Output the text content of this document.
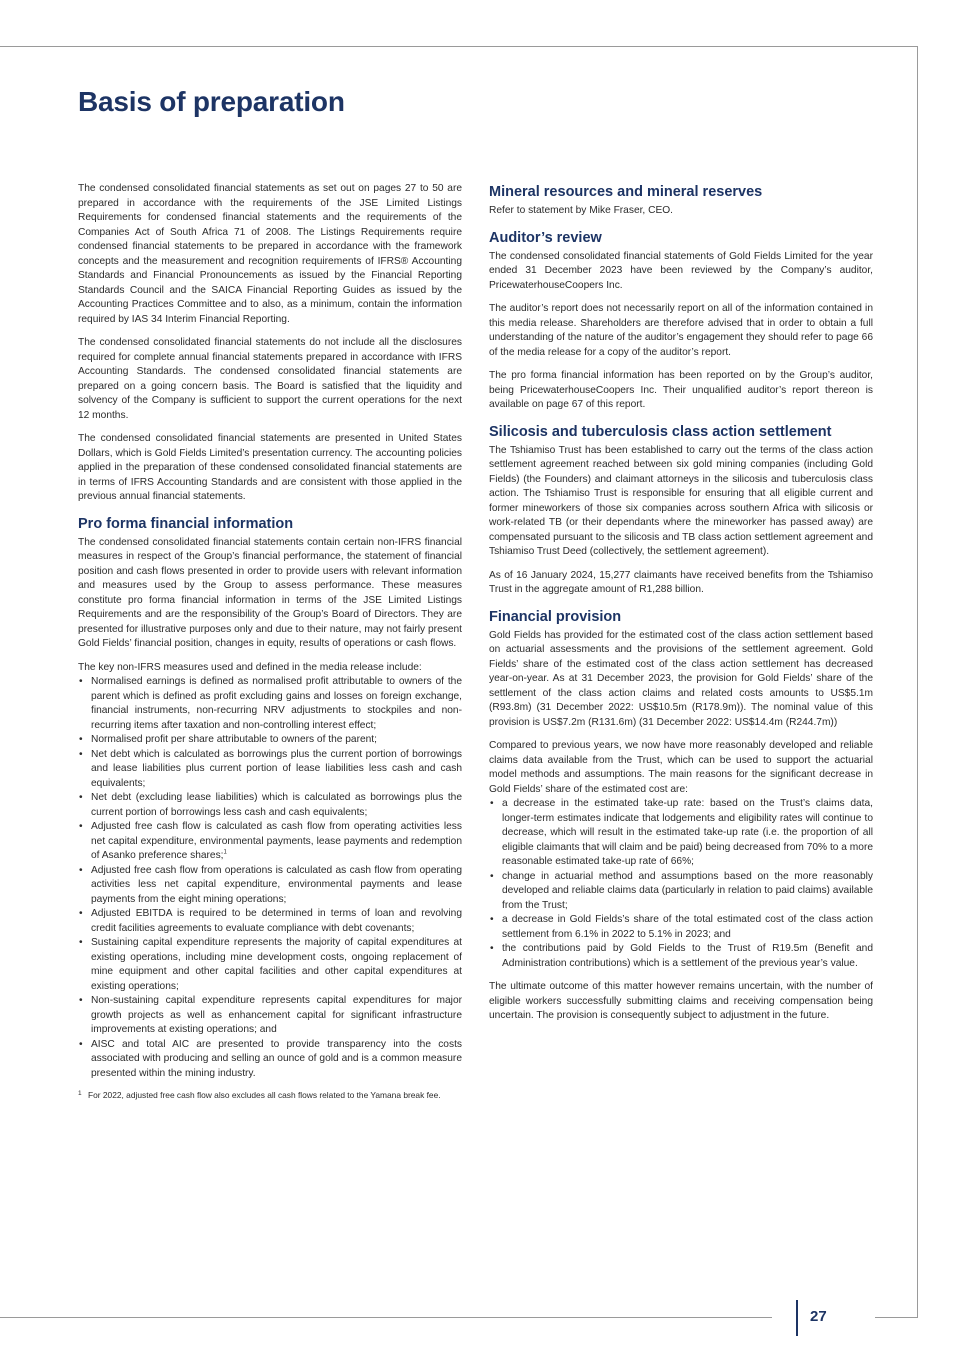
Basis of preparation

The condensed consolidated financial statements as set out on pages 27 to 50 are prepared in accordance with the requirements of the JSE Limited Listings Requirements for condensed financial statements and the requirements of the Companies Act of South Africa 71 of 2008. The Listings Requirements require condensed financial statements to be prepared in accordance with the framework concepts and the measurement and recognition requirements of IFRS® Accounting Standards and Financial Pronouncements as issued by the Financial Reporting Standards Council and the SAICA Financial Reporting Guides as issued by the Accounting Practices Committee and to also, as a minimum, contain the information required by IAS 34 Interim Financial Reporting.

The condensed consolidated financial statements do not include all the disclosures required for complete annual financial statements prepared in accordance with IFRS Accounting Standards. The condensed consolidated financial statements are prepared on a going concern basis. The Board is satisfied that the liquidity and solvency of the Company is sufficient to support the current operations for the next 12 months.

The condensed consolidated financial statements are presented in United States Dollars, which is Gold Fields Limited’s presentation currency. The accounting policies applied in the preparation of these condensed consolidated financial statements are in terms of IFRS Accounting Standards and are consistent with those applied in the previous annual financial statements.

Pro forma financial information

The condensed consolidated financial statements contain certain non-IFRS financial measures in respect of the Group’s financial performance, the statement of financial position and cash flows presented in order to provide users with relevant information and measures used by the Group to assess performance. These measures constitute pro forma financial information in terms of the JSE Limited Listings Requirements and are the responsibility of the Group’s Board of Directors. They are presented for illustrative purposes only and due to their nature, may not fairly present Gold Fields’ financial position, changes in equity, results of operations or cash flows.

The key non-IFRS measures used and defined in the media release include:

• Normalised earnings is defined as normalised profit attributable to owners of the parent which is defined as profit excluding gains and losses on foreign exchange, financial instruments, non-recurring NRV adjustments to stockpiles and non-recurring items after taxation and non-controlling interest effect;
• Normalised profit per share attributable to owners of the parent;
• Net debt which is calculated as borrowings plus the current portion of borrowings and lease liabilities plus current portion of lease liabilities less cash and cash equivalents;
• Net debt (excluding lease liabilities) which is calculated as borrowings plus the current portion of borrowings less cash and cash equivalents;
• Adjusted free cash flow is calculated as cash flow from operating activities less net capital expenditure, environmental payments, lease payments and redemption of Asanko preference shares;$^1$
• Adjusted free cash flow from operations is calculated as cash flow from operating activities less net capital expenditure, environmental payments and lease payments from the eight mining operations;
• Adjusted EBITDA is required to be determined in terms of loan and revolving credit facilities agreements to evaluate compliance with debt covenants;
• Sustaining capital expenditure represents the majority of capital expenditures at existing operations, including mine development costs, ongoing replacement of mine equipment and other capital facilities and other capital expenditures at existing operations;
• Non-sustaining capital expenditure represents capital expenditures for major growth projects as well as enhancement capital for significant infrastructure improvements at existing operations; and
• AISC and total AIC are presented to provide transparency into the costs associated with producing and selling an ounce of gold and is a common measure presented within the mining industry.
1 For 2022, adjusted free cash flow also excludes all cash flows related to the Yamana break fee.
Mineral resources and mineral reserves

Refer to statement by Mike Fraser, CEO.

Auditor’s review

The condensed consolidated financial statements of Gold Fields Limited for the year ended 31 December 2023 have been reviewed by the Company’s auditor, PricewaterhouseCoopers Inc.

The auditor’s report does not necessarily report on all of the information contained in this media release. Shareholders are therefore advised that in order to obtain a full understanding of the nature of the auditor’s engagement they should refer to page 66 of the media release for a copy of the auditor’s report.

The pro forma financial information has been reported on by the Group’s auditor, being PricewaterhouseCoopers Inc. Their unqualified auditor’s report thereon is available on page 67 of this report.

Silicosis and tuberculosis class action settlement

The Tshiamiso Trust has been established to carry out the terms of the class action settlement agreement reached between six gold mining companies (including Gold Fields) (the Founders) and claimant attorneys in the silicosis and tuberculosis class action. The Tshiamiso Trust is responsible for ensuring that all eligible current and former mineworkers of those six companies across southern Africa with silicosis or work-related TB (or their dependants where the mineworker has passed away) are compensated pursuant to the silicosis and TB class action settlement agreement and Tshiamiso Trust Deed (collectively, the settlement agreement).

As of 16 January 2024, 15,277 claimants have received benefits from the Tshiamiso Trust in the aggregate amount of R1,288 billion.

Financial provision

Gold Fields has provided for the estimated cost of the class action settlement based on actuarial assessments and the provisions of the settlement agreement. Gold Fields’ share of the estimated cost of the class action settlement has decreased year-on-year. As at 31 December 2023, the provision for Gold Fields’ share of the settlement of the class action claims and related costs amounts to US$5.1m (R93.8m) (31 December 2022: US$10.5m (R178.9m)). The nominal value of this provision is US$7.2m (R131.6m) (31 December 2022: US$14.4m (R244.7m))

Compared to previous years, we now have more reasonably developed and reliable claims data available from the Trust, which can be used to support the actuarial model methods and assumptions. The main reasons for the significant decrease in Gold Fields’ share of the estimated cost are:

• a decrease in the estimated take-up rate: based on the Trust’s claims data, longer-term estimates indicate that lodgements and eligibility rates will continue to decrease, which will result in the estimated take-up rate (i.e. the proportion of all eligible claimants that will claim and be paid) being decreased from 70% to a more reasonable estimated take-up rate of 66%;
• change in actuarial method and assumptions based on the more reasonably developed and reliable claims data (particularly in relation to paid claims) available from the Trust;
• a decrease in Gold Fields’s share of the total estimated cost of the class action settlement from 6.1% in 2022 to 5.1% in 2023; and
• the contributions paid by Gold Fields to the Trust of R19.5m (Benefit and Administration contributions) which is a settlement of the previous year’s value.

The ultimate outcome of this matter however remains uncertain, with the number of eligible workers successfully submitting claims and receiving compensation being uncertain. The provision is consequently subject to adjustment in the future.

27
